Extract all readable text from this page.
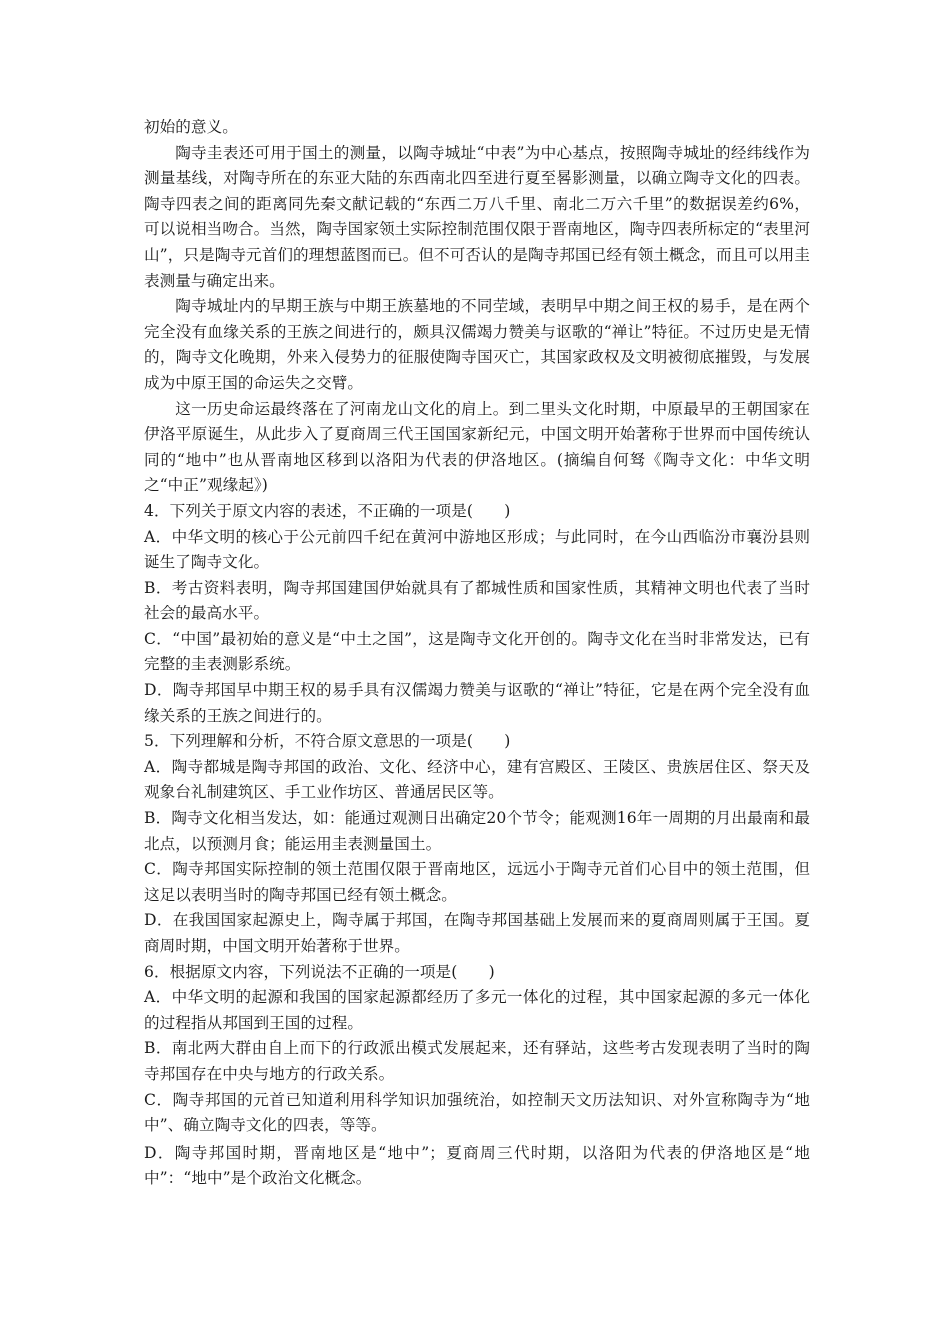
初始的意义。

陶寺圭表还可用于国土的测量，以陶寺城址“中表”为中心基点，按照陶寺城址的经纬线作为测量基线，对陶寺所在的东亚大陆的东西南北四至进行夏至晷影测量，以确立陶寺文化的四表。陶寺四表之间的距离同先秦文献记载的“东西二万八千里、南北二万六千里”的数据误差约6%，可以说相当吻合。当然，陶寺国家领土实际控制范围仅限于晋南地区，陶寺四表所标定的“表里河山”，只是陶寺元首们的理想蓝图而已。但不可否认的是陶寺邦国已经有领土概念，而且可以用圭表测量与确定出来。

陶寺城址内的早期王族与中期王族墓地的不同茔域，表明早中期之间王权的易手，是在两个完全没有血缘关系的王族之间进行的，颇具汉儒竭力赞美与讴歌的“禅让”特征。不过历史是无情的，陶寺文化晚期，外来入侵势力的征服使陶寺国灭亡，其国家政权及文明被彻底摧毁，与发展成为中原王国的命运失之交臂。

这一历史命运最终落在了河南龙山文化的肩上。到二里头文化时期，中原最早的王朝国家在伊洛平原诞生，从此步入了夏商周三代王国国家新纪元，中国文明开始著称于世界而中国传统认同的“地中”也从晋南地区移到以洛阳为代表的伊洛地区。(摘编自何驽《陶寺文化：中华文明之“中正”观缘起》)

4．下列关于原文内容的表述，不正确的一项是(　　)

A．中华文明的核心于公元前四千纪在黄河中游地区形成；与此同时，在今山西临汾市襄汾县则诞生了陶寺文化。

B．考古资料表明，陶寺邦国建国伊始就具有了都城性质和国家性质，其精神文明也代表了当时社会的最高水平。

C．“中国”最初始的意义是“中土之国”，这是陶寺文化开创的。陶寺文化在当时非常发达，已有完整的圭表测影系统。

D．陶寺邦国早中期王权的易手具有汉儒竭力赞美与讴歌的“禅让”特征，它是在两个完全没有血缘关系的王族之间进行的。

5．下列理解和分析，不符合原文意思的一项是(　　)

A．陶寺都城是陶寺邦国的政治、文化、经济中心，建有宫殿区、王陵区、贵族居住区、祭天及观象台礼制建筑区、手工业作坊区、普通居民区等。

B．陶寺文化相当发达，如：能通过观测日出确定20个节令；能观测16年一周期的月出最南和最北点，以预测月食；能运用圭表测量国土。

C．陶寺邦国实际控制的领土范围仅限于晋南地区，远远小于陶寺元首们心目中的领土范围，但这足以表明当时的陶寺邦国已经有领土概念。

D．在我国国家起源史上，陶寺属于邦国，在陶寺邦国基础上发展而来的夏商周则属于王国。夏商周时期，中国文明开始著称于世界。

6．根据原文内容，下列说法不正确的一项是(　　)

A．中华文明的起源和我国的国家起源都经历了多元一体化的过程，其中国家起源的多元一体化的过程指从邦国到王国的过程。

B．南北两大群由自上而下的行政派出模式发展起来，还有驿站，这些考古发现表明了当时的陶寺邦国存在中央与地方的行政关系。

C．陶寺邦国的元首已知道利用科学知识加强统治，如控制天文历法知识、对外宣称陶寺为“地中”、确立陶寺文化的四表，等等。

D．陶寺邦国时期，晋南地区是“地中”；夏商周三代时期，以洛阳为代表的伊洛地区是“地中”：“地中”是个政治文化概念。
